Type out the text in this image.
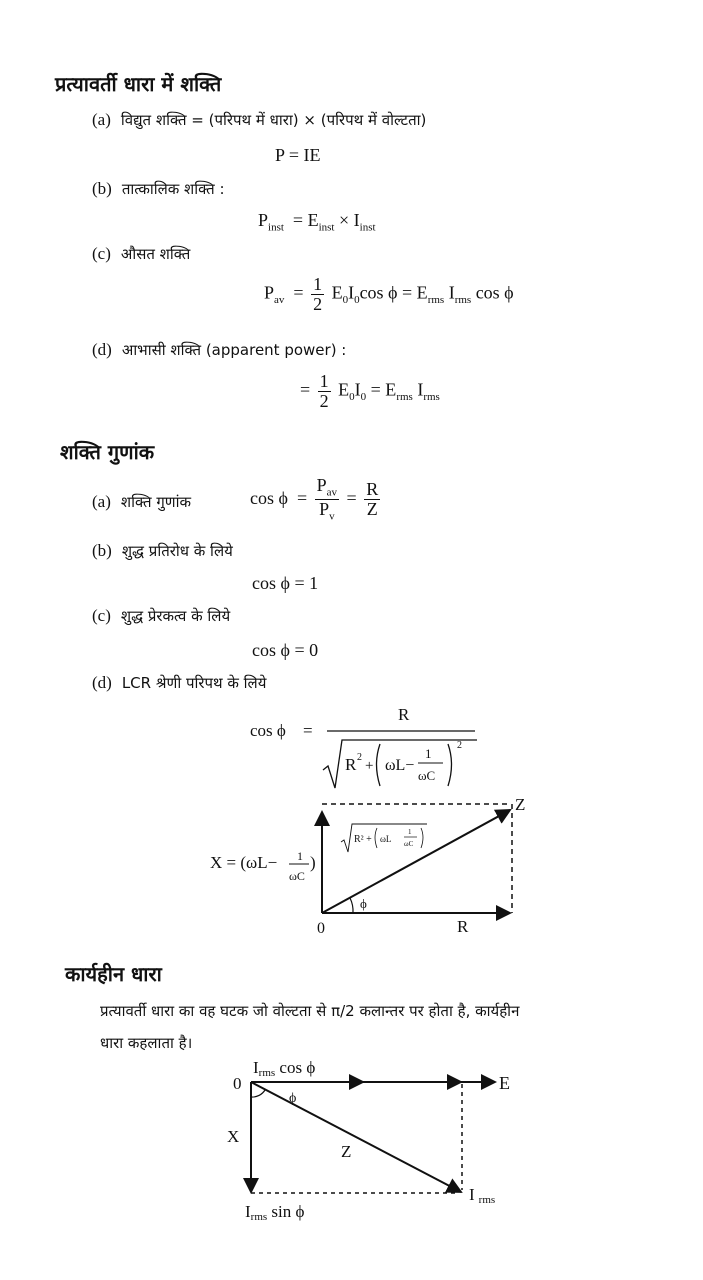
प्रत्यावर्ती धारा में शक्ति
(a) विद्युत शक्ति = (परिपथ में धारा) × (परिपथ में वोल्टता)
P = IE
(b) तात्कालिक शक्ति :
$P_{inst} = E_{inst} \times I_{inst}$
(c) औसत शक्ति
$P_{av} = \frac{1}{2} E_0I_0\cos$ $\phi = E_{rms}$ $I_{rms}$ cos ϕ
(d) आभासी शक्ति (apparent power) :
= $\frac{1}{2} E_0I_0 = E_{rms}$ $I_{rms}$
शक्ति गुणांक
(a) शक्ति गुणांक	$\cos \phi = \frac{P_{av}}{P_v} = \frac{R}{Z}$
(b) शुद्ध प्रतिरोध के लिये
cos ϕ = 1
(c) शुद्ध प्रेरकत्व के लिये
cos ϕ = 0
(d) LCR श्रेणी परिपथ के लिये
cos ϕ =
R
R 2
+ ωL−
1
ωC
2
ϕ
Z
R
0
X = (ωL− 1
ωC
)
R² + ωL
1
ωC
कार्यहीन धारा

प्रत्यावर्ती धारा का वह घटक जो वोल्टता से π/2 कलान्तर पर होता है, कार्यहीन

धारा कहलाता है।

Irms cos ϕ
0	E
X
Z
ϕ
Irms
Irms sin ϕ
